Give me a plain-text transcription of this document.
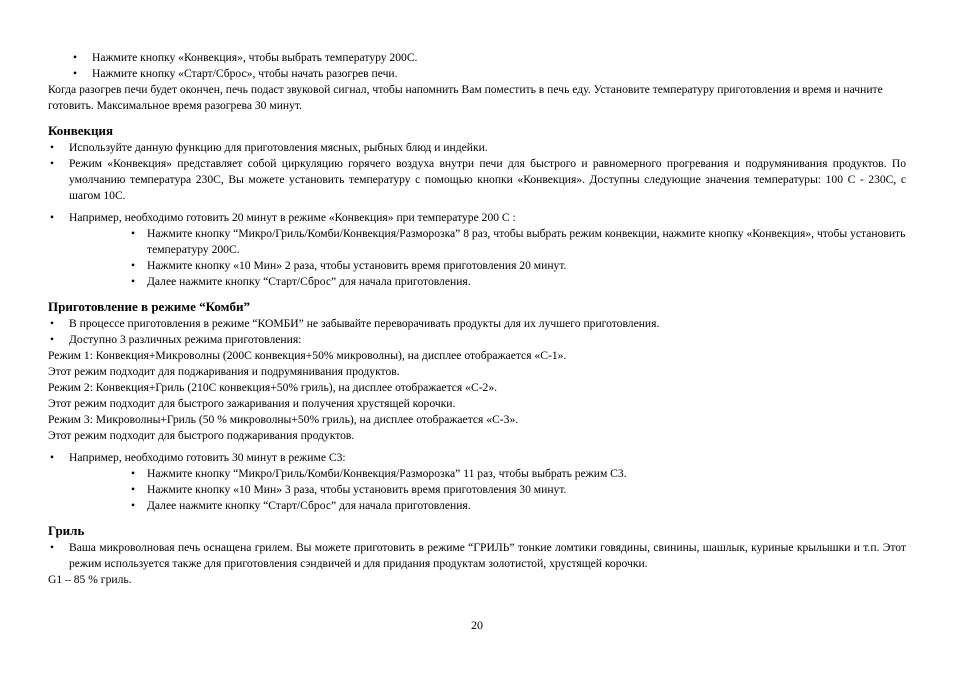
• Нажмите кнопку «Конвекция», чтобы выбрать температуру 200С.
• Нажмите кнопку «Старт/Сброс», чтобы начать разогрев печи.
Когда разогрев печи будет окончен, печь подаст звуковой сигнал, чтобы напомнить Вам поместить в печь еду. Установите температуру приготовления и время и начните готовить. Максимальное время разогрева 30 минут.
Конвекция
• Используйте данную функцию для приготовления мясных, рыбных блюд и индейки.
• Режим «Конвекция» представляет собой циркуляцию горячего воздуха внутри печи для быстрого и равномерного прогревания и подрумянивания продуктов. По умолчанию температура 230С, Вы можете установить температуру с помощью кнопки «Конвекция». Доступны следующие значения температуры: 100 С - 230С, с шагом 10С.
• Например, необходимо готовить 20 минут в режиме «Конвекция» при температуре 200 С :
• Нажмите кнопку “Микро/Гриль/Комби/Конвекция/Разморозка” 8 раз, чтобы выбрать режим конвекции, нажмите кнопку «Конвекция», чтобы установить температуру 200С.
• Нажмите кнопку «10 Мин» 2 раза, чтобы установить время приготовления 20 минут.
• Далее нажмите кнопку “Старт/Сброс” для начала приготовления.
Приготовление в режиме “Комби”
• В процессе приготовления в режиме “КОМБИ” не забывайте переворачивать продукты для их лучшего приготовления.
• Доступно 3 различных режима приготовления:
Режим 1: Конвекция+Микроволны (200С конвекция+50% микроволны), на дисплее отображается «С-1».
Этот режим подходит для поджаривания и подрумянивания продуктов.
Режим 2: Конвекция+Гриль (210С конвекция+50% гриль), на дисплее отображается «С-2».
Этот режим подходит для быстрого зажаривания и получения хрустящей корочки.
Режим 3: Микроволны+Гриль (50 % микроволны+50% гриль), на дисплее отображается «С-3».
Этот режим подходит для быстрого поджаривания продуктов.
• Например, необходимо готовить 30 минут в режиме С3:
• Нажмите кнопку “Микро/Гриль/Комби/Конвекция/Разморозка” 11 раз, чтобы выбрать режим С3.
• Нажмите кнопку «10 Мин» 3 раза, чтобы установить время приготовления 30 минут.
• Далее нажмите кнопку “Старт/Сброс” для начала приготовления.
Гриль
• Ваша микроволновая печь оснащена грилем. Вы можете приготовить в режиме “ГРИЛЬ” тонкие ломтики говядины, свинины, шашлык, куриные крылышки и т.п. Этот режим используется также для приготовления сэндвичей и для придания продуктам золотистой, хрустящей корочки.
G1 – 85 % гриль.
20
